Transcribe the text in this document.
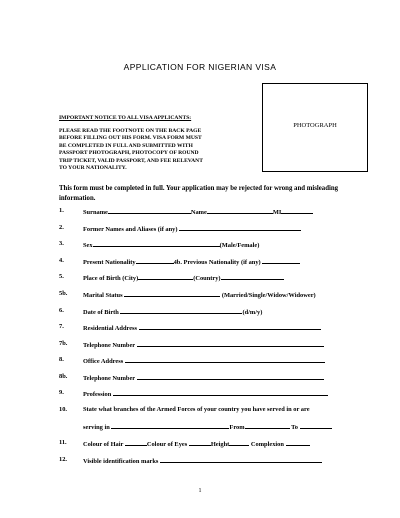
APPLICATION FOR NIGERIAN VISA
PHOTOGRAPH
IMPORTANT NOTICE TO ALL VISA APPLICANTS:
PLEASE READ THE FOOTNOTE ON THE BACK PAGE
BEFORE FILLING OUT HIS FORM. VISA FORM MUST
BE COMPLETED IN FULL AND SUBMITTED WITH
PASSPORT PHOTOGRAPH, PHOTOCOPY OF ROUND
TRIP TICKET, VALID PASSPORT, AND FEE RELEVANT
TO YOUR NATIONALITY.
This form must be completed in full. Your application may be rejected for wrong and misleading information.
1.	Surname	Name	MI
2.	Former Names and Aliases (if any)
3.	Sex	(Male/Female)
4.	Present Nationality	4b. Previous Nationality (if any)
5.	Place of Birth (City)	(Country)
5b. Marital Status	(Married/Single/Widow/Widower)
6.	Date of Birth	(d/m/y)
7.	Residential Address
7b. Telephone Number
8.	Office Address
8b. Telephone Number
9.	Profession
10.	State what branches of the Armed Forces of your country you have served in or are
serving in	From	To
11.	Colour of Hair	Colour of Eyes	Height	Complexion
12.	Visible identification marks
1
